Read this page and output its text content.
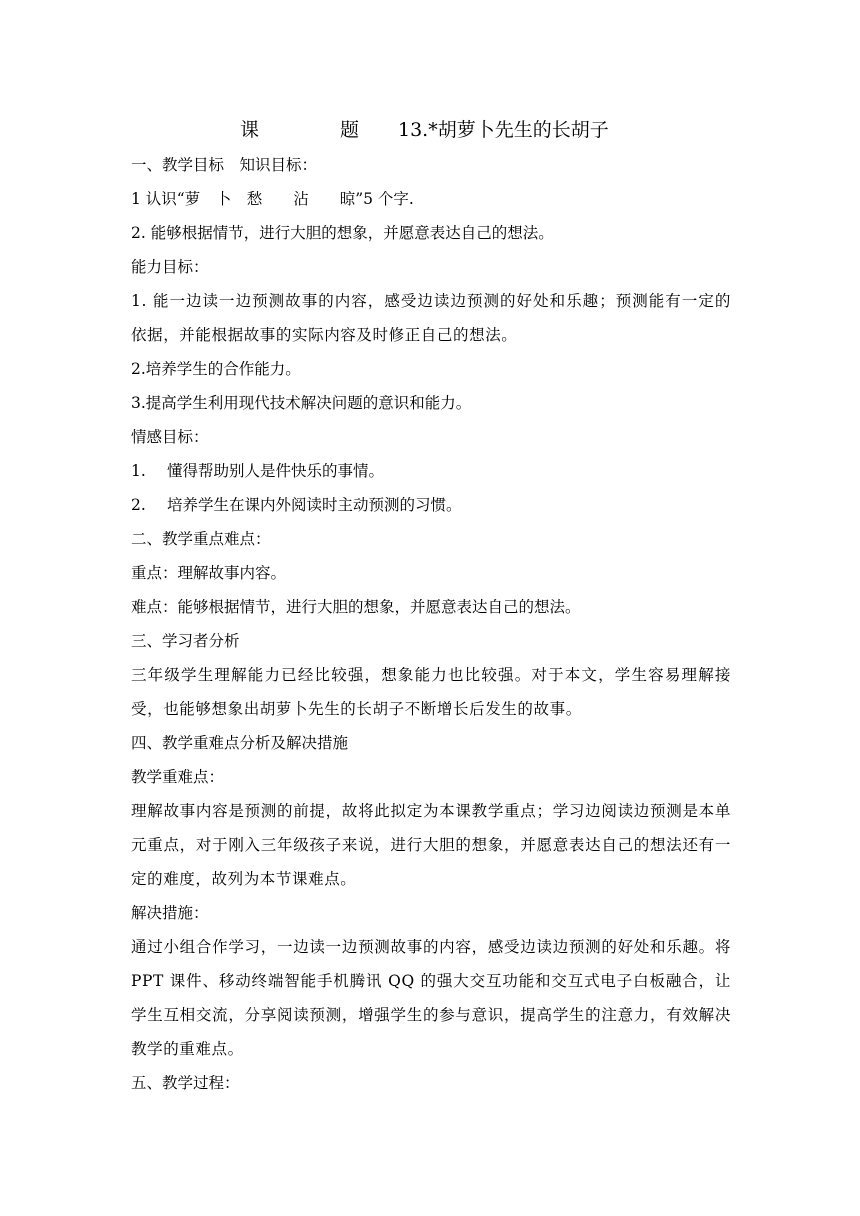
课	题 13.*胡萝卜先生的长胡子
一、教学目标　知识目标：
1 认识“萝　卜　愁　　沾　　晾”5 个字.
2. 能够根据情节，进行大胆的想象，并愿意表达自己的想法。
能力目标：
1. 能一边读一边预测故事的内容，感受边读边预测的好处和乐趣；预测能有一定的依据，并能根据故事的实际内容及时修正自己的想法。
2.培养学生的合作能力。
3.提高学生利用现代技术解决问题的意识和能力。
情感目标：
1. 懂得帮助别人是件快乐的事情。
2. 培养学生在课内外阅读时主动预测的习惯。
二、教学重点难点：
重点：理解故事内容。
难点：能够根据情节，进行大胆的想象，并愿意表达自己的想法。
三、学习者分析
三年级学生理解能力已经比较强，想象能力也比较强。对于本文，学生容易理解接受，也能够想象出胡萝卜先生的长胡子不断增长后发生的故事。
四、教学重难点分析及解决措施
教学重难点：
理解故事内容是预测的前提，故将此拟定为本课教学重点；学习边阅读边预测是本单元重点，对于刚入三年级孩子来说，进行大胆的想象，并愿意表达自己的想法还有一定的难度，故列为本节课难点。
解决措施：
通过小组合作学习，一边读一边预测故事的内容，感受边读边预测的好处和乐趣。将 PPT 课件、移动终端智能手机腾讯 QQ 的强大交互功能和交互式电子白板融合，让学生互相交流，分享阅读预测，增强学生的参与意识，提高学生的注意力，有效解决教学的重难点。
五、教学过程：
